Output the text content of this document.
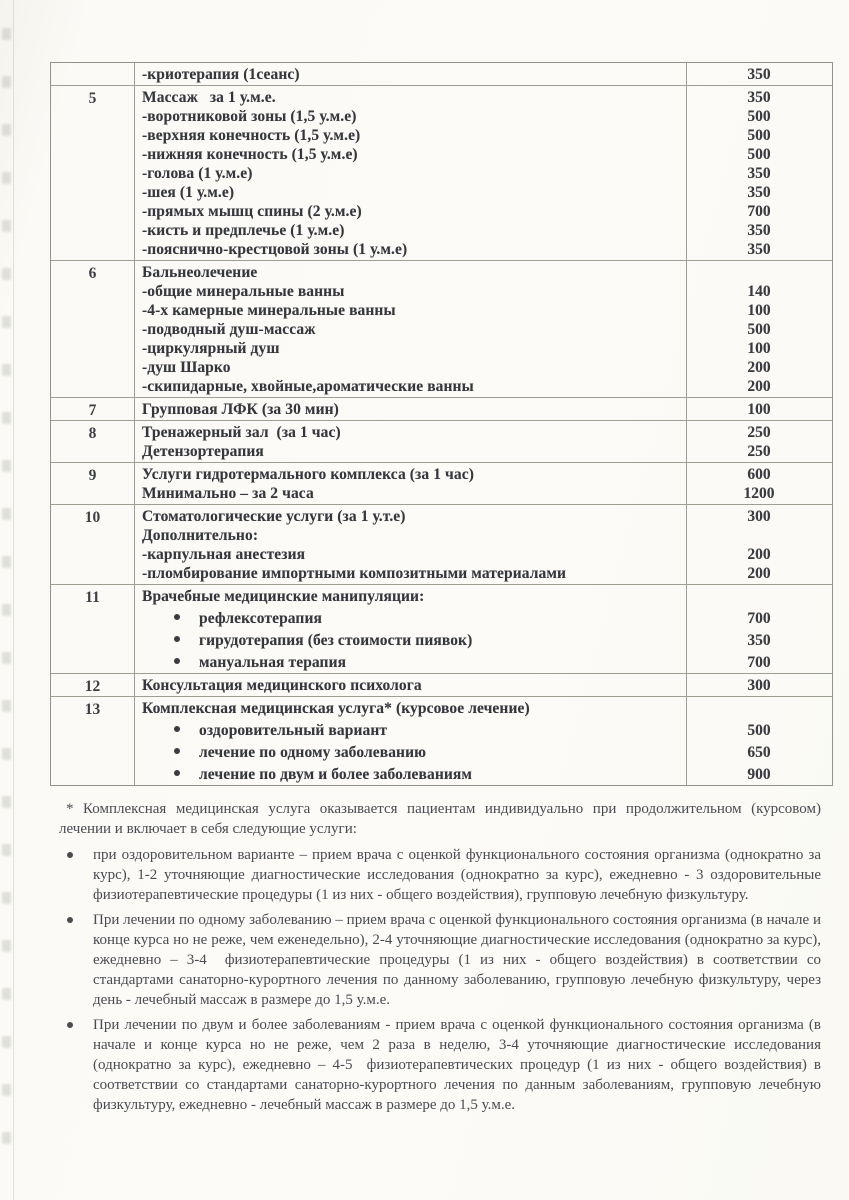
-криотерапия (1сеанс)	350
5	Массаж   за 1 у.м.е.	350
-воротниковой зоны (1,5 у.м.е)	500
-верхняя конечность (1,5 у.м.е)	500
-нижняя конечность (1,5 у.м.е)	500
-голова (1 у.м.е)	350
-шея (1 у.м.е)	350
-прямых мышц спины (2 у.м.е)	700
-кисть и предплечье (1 у.м.е)	350
-пояснично-крестцовой зоны (1 у.м.е)	350
6	Бальнеолечение
-общие минеральные ванны	140
-4-х камерные минеральные ванны	100
-подводный душ-массаж	500
-циркулярный душ	100
-душ Шарко	200
-скипидарные, хвойные,ароматические ванны	200
7	Групповая ЛФК (за 30 мин)	100
8	Тренажерный зал  (за 1 час)	250
Детензортерапия	250
9	Услуги гидротермального комплекса (за 1 час)	600
Минимально – за 2 часа	1200
10	Стоматологические услуги (за 1 у.т.е)	300
Дополнительно:
-карпульная анестезия	200
-пломбирование импортными композитными материалами	200
11	Врачебные медицинские манипуляции:
рефлексотерапия	700
гирудотерапия (без стоимости пиявок)	350
мануальная терапия	700
12	Консультация медицинского психолога	300
13	Комплексная медицинская услуга* (курсовое лечение)
оздоровительный вариант	500
лечение по одному заболеванию	650
лечение по двум и более заболеваниям	900

* Комплексная медицинская услуга оказывается пациентам индивидуально при продолжительном (курсовом) лечении и включает в себя следующие услуги:

при оздоровительном варианте – прием врача с оценкой функционального состояния организма (однократно за курс), 1-2 уточняющие диагностические исследования (однократно за курс), ежедневно - 3 оздоровительные физиотерапевтические процедуры (1 из них - общего воздействия), групповую лечебную физкультуру.
При лечении по одному заболеванию – прием врача с оценкой функционального состояния организма (в начале и конце курса но не реже, чем еженедельно), 2-4 уточняющие диагностические исследования (однократно за курс), ежедневно – 3-4  физиотерапевтические процедуры (1 из них - общего воздействия) в соответствии со стандартами санаторно-курортного лечения по данному заболеванию, групповую лечебную физкультуру, через день - лечебный массаж в размере до 1,5 у.м.е.
При лечении по двум и более заболеваниям - прием врача с оценкой функционального состояния организма (в начале и конце курса но не реже, чем 2 раза в неделю, 3-4 уточняющие диагностические исследования (однократно за курс), ежедневно – 4-5  физиотерапевтических процедур (1 из них - общего воздействия) в соответствии со стандартами санаторно-курортного лечения по данным заболеваниям, групповую лечебную физкультуру, ежедневно - лечебный массаж в размере до 1,5 у.м.е.
